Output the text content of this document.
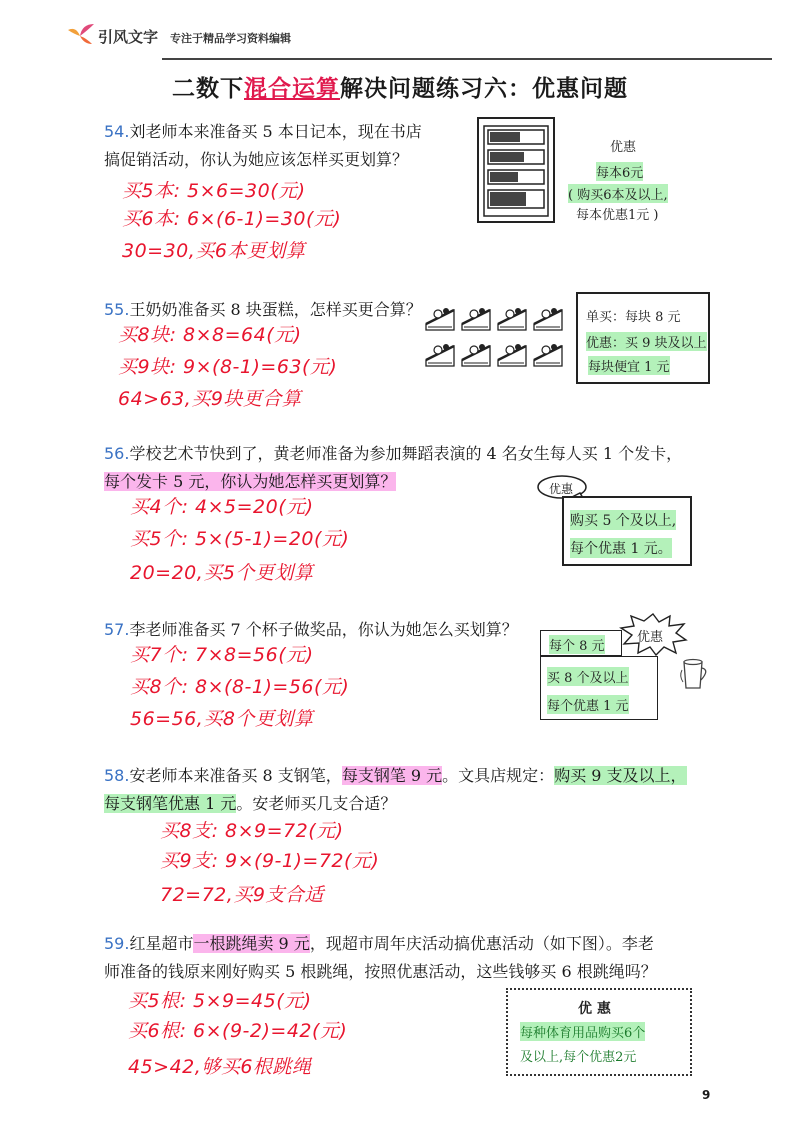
引风文字 专注于精品学习资料编辑
二数下混合运算解决问题练习六：优惠问题
54.刘老师本来准备买 5 本日记本，现在书店
搞促销活动，你认为她应该怎样买更划算？
买5本: 5×6=30(元)
买6本: 6×(6-1)=30(元)
30=30,买6本更划算
优惠
每本6元
( 购买6本及以上,
每本优惠1元 )
55.王奶奶准备买 8 块蛋糕，怎样买更合算？
买8块: 8×8=64(元)
买9块: 9×(8-1)=63(元)
64>63,买9块更合算
单买：每块 8 元
优惠：买 9 块及以上
每块便宜 1 元
56.学校艺术节快到了，黄老师准备为参加舞蹈表演的 4 名女生每人买 1 个发卡，
每个发卡 5 元，你认为她怎样买更划算？
买4个: 4×5=20(元)
买5个: 5×(5-1)=20(元)
20=20,买5个更划算
优惠
购买 5 个及以上,
每个优惠 1 元。
57.李老师准备买 7 个杯子做奖品，你认为她怎么买划算？
买7个: 7×8=56(元)
买8个: 8×(8-1)=56(元)
56=56,买8个更划算
每个 8 元
优惠
买 8 个及以上
每个优惠 1 元
58.安老师本来准备买 8 支钢笔，每支钢笔 9 元。文具店规定：购买 9 支及以上，
每支钢笔优惠 1 元。安老师买几支合适？
买8支: 8×9=72(元)
买9支: 9×(9-1)=72(元)
72=72,买9支合适
59.红星超市一根跳绳卖 9 元，现超市周年庆活动搞优惠活动（如下图）。李老
师准备的钱原来刚好购买 5 根跳绳，按照优惠活动，这些钱够买 6 根跳绳吗？
买5根: 5×9=45(元)
买6根: 6×(9-2)=42(元)
45>42,够买6根跳绳
优 惠
每种体育用品购买6个
及以上,每个优惠2元
9
